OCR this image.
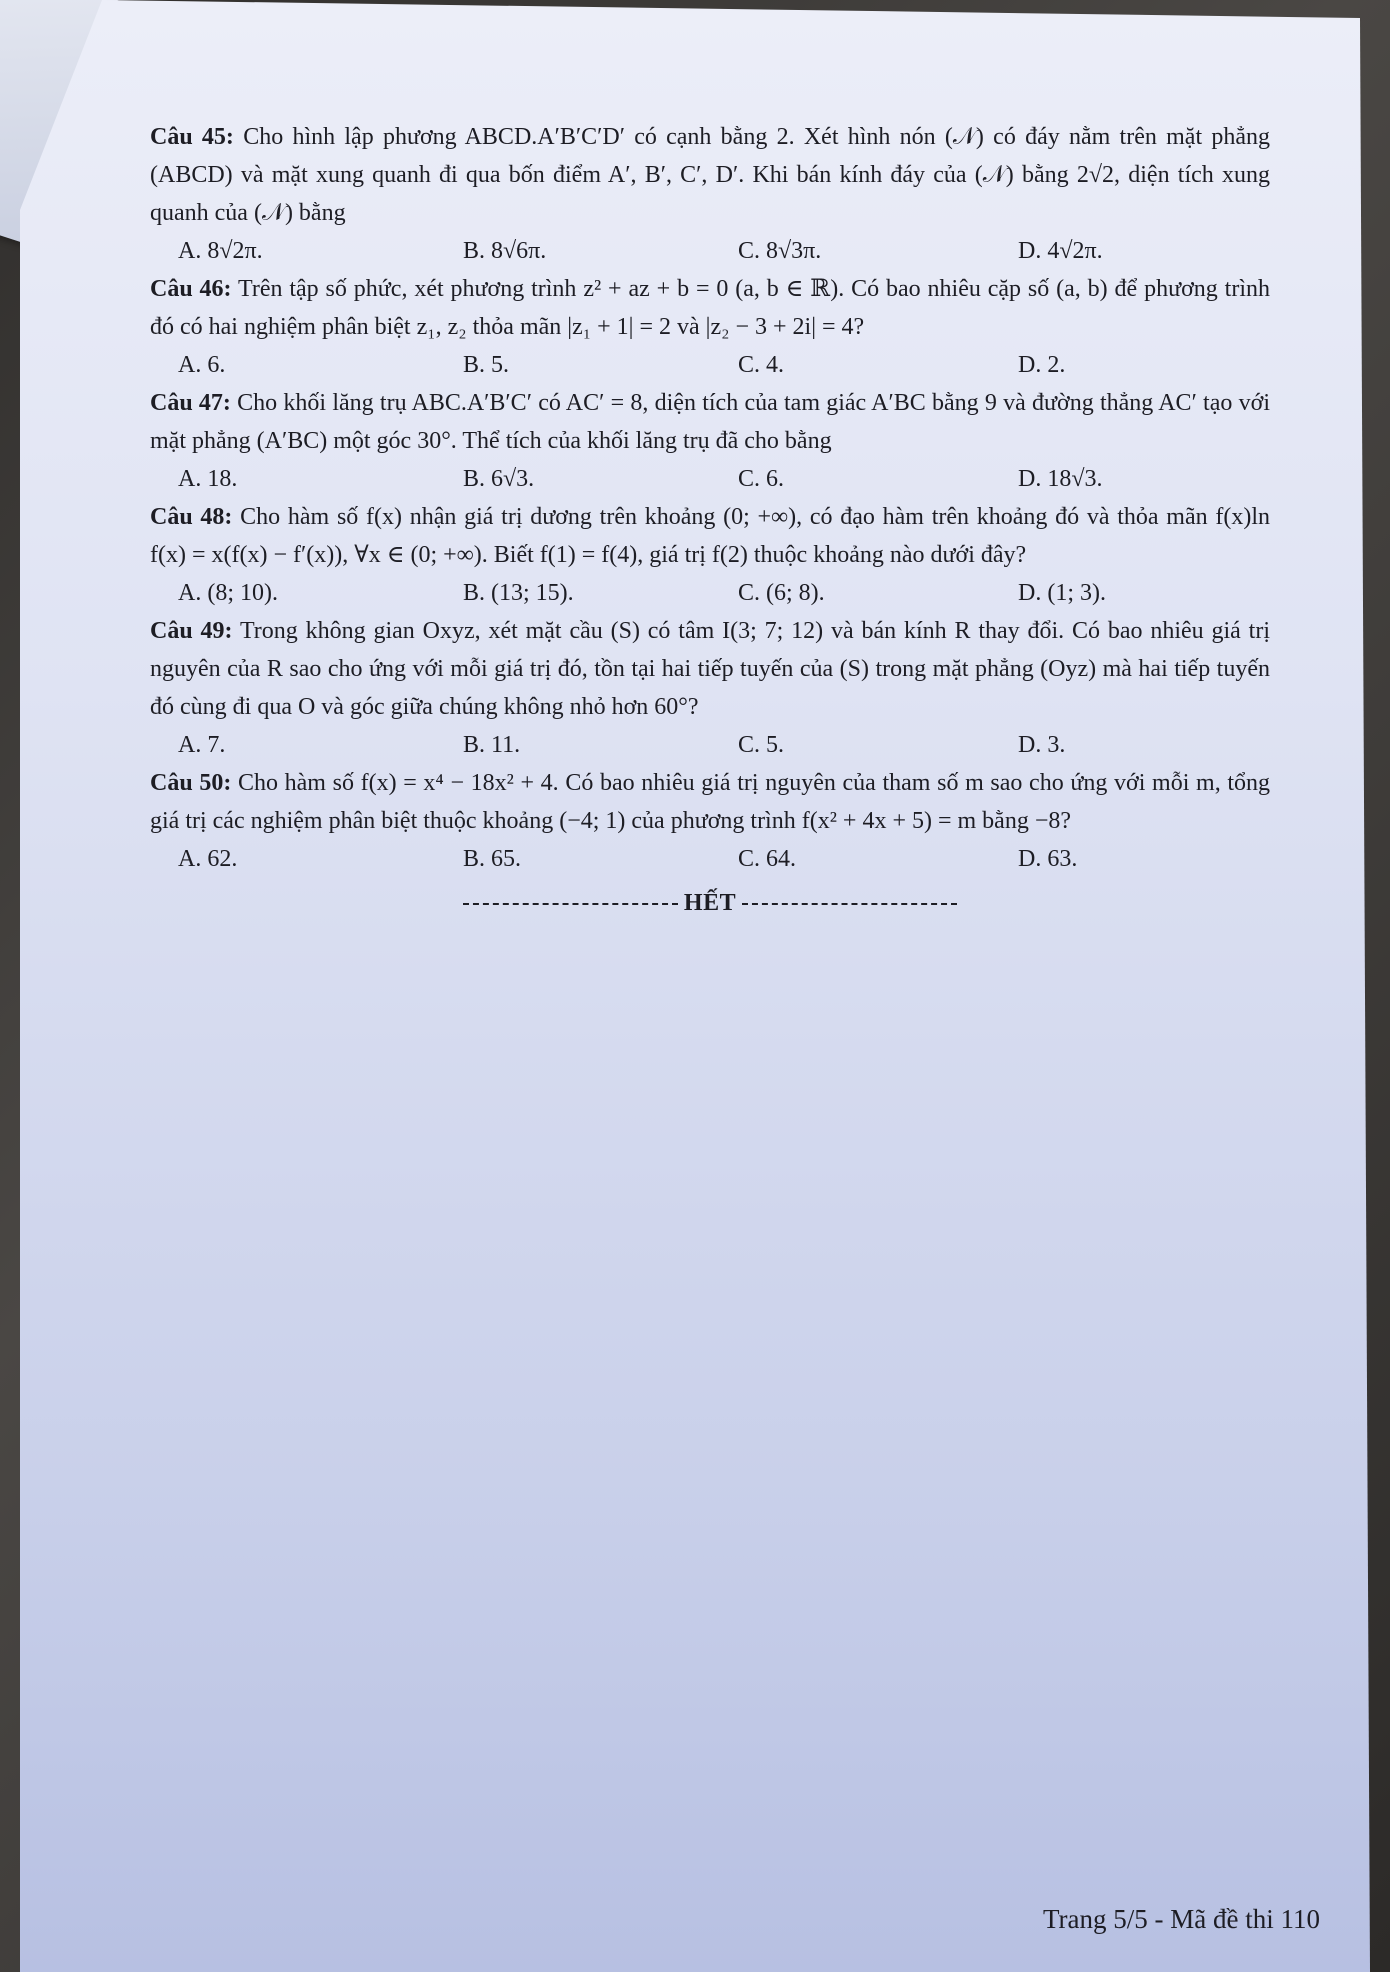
Câu 45: Cho hình lập phương ABCD.A′B′C′D′ có cạnh bằng 2. Xét hình nón (𝒩) có đáy nằm trên mặt phẳng (ABCD) và mặt xung quanh đi qua bốn điểm A′, B′, C′, D′. Khi bán kính đáy của (𝒩) bằng 2√2, diện tích xung quanh của (𝒩) bằng

A. 8√2π.	B. 8√6π.	C. 8√3π.	D. 4√2π.

Câu 46: Trên tập số phức, xét phương trình z² + az + b = 0 (a, b ∈ ℝ). Có bao nhiêu cặp số (a, b) để phương trình đó có hai nghiệm phân biệt z₁, z₂ thỏa mãn |z₁ + 1| = 2 và |z₂ − 3 + 2i| = 4?

A. 6.	B. 5.	C. 4.	D. 2.

Câu 47: Cho khối lăng trụ ABC.A′B′C′ có AC′ = 8, diện tích của tam giác A′BC bằng 9 và đường thẳng AC′ tạo với mặt phẳng (A′BC) một góc 30°. Thể tích của khối lăng trụ đã cho bằng

A. 18.	B. 6√3.	C. 6.	D. 18√3.

Câu 48: Cho hàm số f(x) nhận giá trị dương trên khoảng (0; +∞), có đạo hàm trên khoảng đó và thỏa mãn f(x)ln f(x) = x(f(x) − f′(x)), ∀x ∈ (0; +∞). Biết f(1) = f(4), giá trị f(2) thuộc khoảng nào dưới đây?

A. (8; 10).	B. (13; 15).	C. (6; 8).	D. (1; 3).

Câu 49: Trong không gian Oxyz, xét mặt cầu (S) có tâm I(3; 7; 12) và bán kính R thay đổi. Có bao nhiêu giá trị nguyên của R sao cho ứng với mỗi giá trị đó, tồn tại hai tiếp tuyến của (S) trong mặt phẳng (Oyz) mà hai tiếp tuyến đó cùng đi qua O và góc giữa chúng không nhỏ hơn 60°?

A. 7.	B. 11.	C. 5.	D. 3.

Câu 50: Cho hàm số f(x) = x⁴ − 18x² + 4. Có bao nhiêu giá trị nguyên của tham số m sao cho ứng với mỗi m, tổng giá trị các nghiệm phân biệt thuộc khoảng (−4; 1) của phương trình f(x² + 4x + 5) = m bằng −8?

A. 62.	B. 65.	C. 64.	D. 63.
HẾT
Trang 5/5 - Mã đề thi 110
